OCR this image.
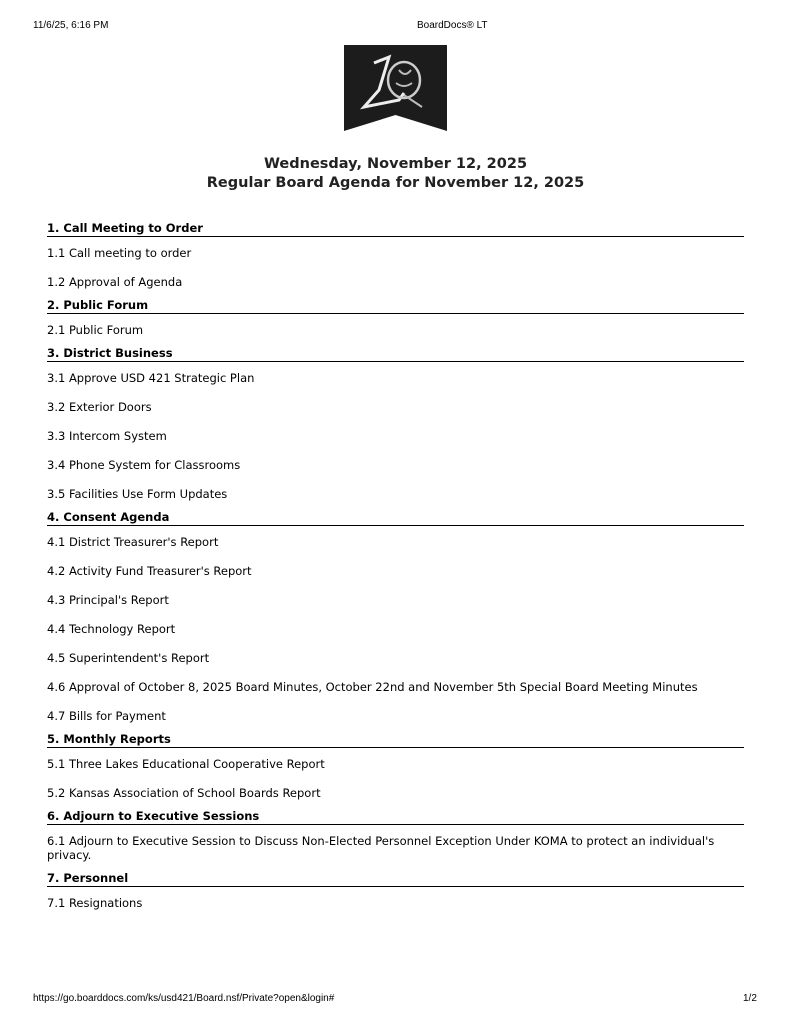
11/6/25, 6:16 PM	BoardDocs® LT
Wednesday, November 12, 2025
Regular Board Agenda for November 12, 2025
1. Call Meeting to Order
1.1 Call meeting to order
1.2 Approval of Agenda
2. Public Forum
2.1 Public Forum
3. District Business
3.1 Approve USD 421 Strategic Plan
3.2 Exterior Doors
3.3 Intercom System
3.4 Phone System for Classrooms
3.5 Facilities Use Form Updates
4. Consent Agenda
4.1 District Treasurer's Report
4.2 Activity Fund Treasurer's Report
4.3 Principal's Report
4.4 Technology Report
4.5 Superintendent's Report
4.6 Approval of October 8, 2025 Board Minutes, October 22nd and November 5th Special Board Meeting Minutes
4.7 Bills for Payment
5. Monthly Reports
5.1 Three Lakes Educational Cooperative Report
5.2 Kansas Association of School Boards Report
6. Adjourn to Executive Sessions
6.1 Adjourn to Executive Session to Discuss Non-Elected Personnel Exception Under KOMA to protect an individual's privacy.
7. Personnel
7.1 Resignations
https://go.boarddocs.com/ks/usd421/Board.nsf/Private?open&login#	1/2
